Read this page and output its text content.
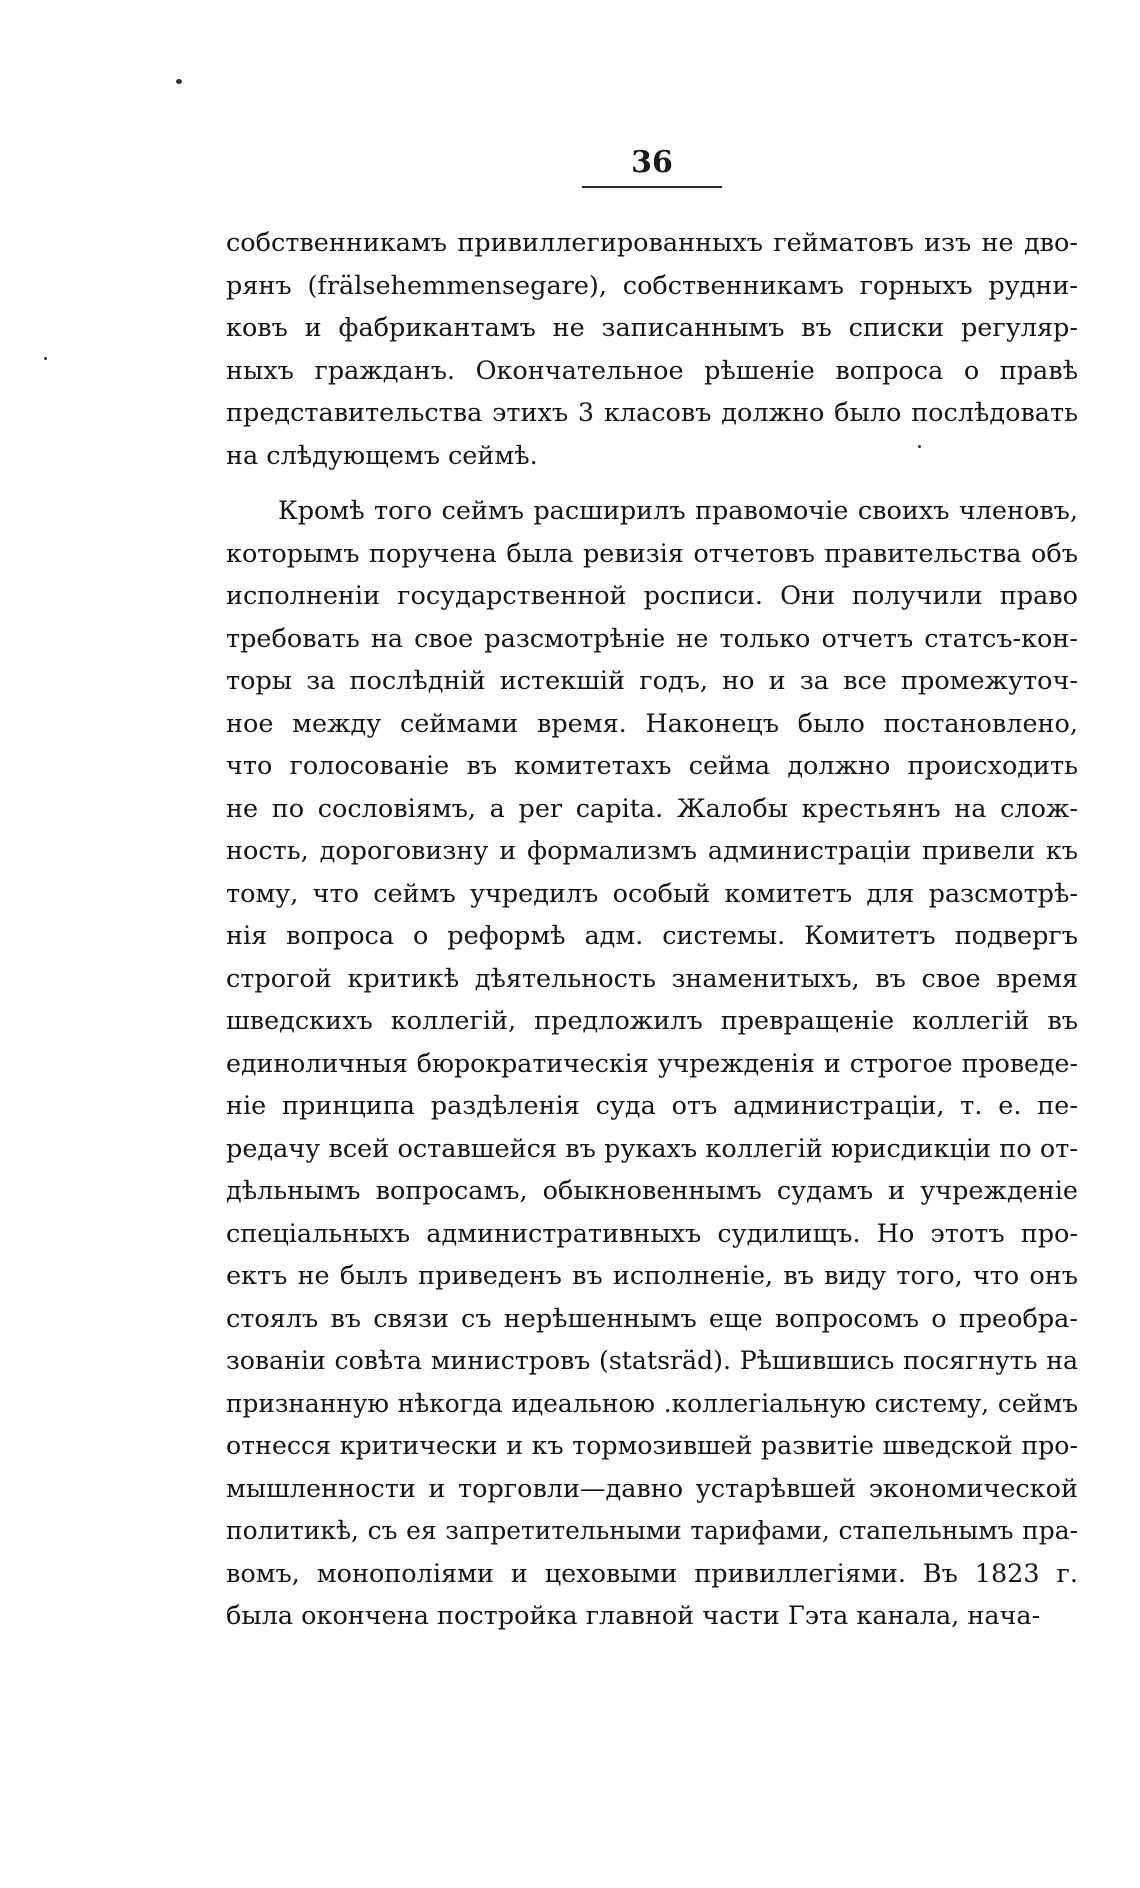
36

собственникамъ привиллегированныхъ гейматовъ изъ не дво-
рянъ (frälsehemmensegare), собственникамъ горныхъ рудни-
ковъ и фабрикантамъ не записаннымъ въ списки регуляр-
ныхъ гражданъ. Окончательное рѣшеніе вопроса о правѣ
представительства этихъ 3 класовъ должно было послѣдовать
на слѣдующемъ сеймѣ.

Кромѣ того сеймъ расширилъ правомочіе своихъ членовъ,
которымъ поручена была ревизія отчетовъ правительства объ
исполненіи государственной росписи. Они получили право
требовать на свое разсмотрѣніе не только отчетъ статсъ-кон-
торы за послѣдній истекшій годъ, но и за все промежуточ-
ное между сеймами время. Наконецъ было постановлено,
что голосованіе въ комитетахъ сейма должно происходить
не по сословіямъ, а per capita. Жалобы крестьянъ на слож-
ность, дороговизну и формализмъ администраціи привели къ
тому, что сеймъ учредилъ особый комитетъ для разсмотрѣ-
нія вопроса о реформѣ адм. системы. Комитетъ подвергъ
строгой критикѣ дѣятельность знаменитыхъ, въ свое время
шведскихъ коллегій, предложилъ превращеніе коллегій въ
единоличныя бюрократическія учрежденія и строгое проведе-
ніе принципа раздѣленія суда отъ администраціи, т. е. пе-
редачу всей оставшейся въ рукахъ коллегій юрисдикціи по от-
дѣльнымъ вопросамъ, обыкновеннымъ судамъ и учрежденіе
спеціальныхъ административныхъ судилищъ. Но этотъ про-
ектъ не былъ приведенъ въ исполненіе, въ виду того, что онъ
стоялъ въ связи съ нерѣшеннымъ еще вопросомъ о преобра-
зованіи совѣта министровъ (statsräd). Рѣшившись посягнуть на
признанную нѣкогда идеальною .коллегіальную систему, сеймъ
отнесся критически и къ тормозившей развитіе шведской про-
мышленности и торговли—давно устарѣвшей экономической
политикѣ, съ ея запретительными тарифами, стапельнымъ пра-
вомъ, монополіями и цеховыми привиллегіями. Въ 1823 г.
была окончена постройка главной части Гэта канала, нача-
